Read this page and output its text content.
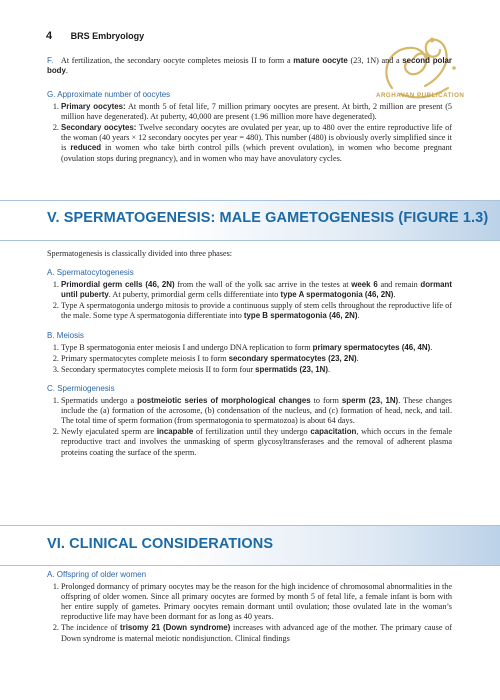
4 BRS Embryology
ARGHAVAN PUBLICATION

F. At fertilization, the secondary oocyte completes meiosis II to form a mature oocyte (23, 1N) and a second polar body.

G. Approximate number of oocytes
1. Primary oocytes: At month 5 of fetal life, 7 million primary oocytes are present. At birth, 2 million are present (5 million have degenerated). At puberty, 40,000 are present (1.96 million more have degenerated).
2. Secondary oocytes: Twelve secondary oocytes are ovulated per year, up to 480 over the entire reproductive life of the woman (40 years × 12 secondary oocytes per year = 480). This number (480) is obviously overly simplified since it is reduced in women who take birth control pills (which prevent ovulation), in women who become pregnant (ovulation stops during pregnancy), and in women who may have anovulatory cycles.
V. SPERMATOGENESIS: MALE GAMETOGENESIS (FIGURE 1.3)

Spermatogenesis is classically divided into three phases:

A. Spermatocytogenesis
1. Primordial germ cells (46, 2N) from the wall of the yolk sac arrive in the testes at week 6 and remain dormant until puberty. At puberty, primordial germ cells differentiate into type A spermatogonia (46, 2N).
2. Type A spermatogonia undergo mitosis to provide a continuous supply of stem cells throughout the reproductive life of the male. Some type A spermatogonia differentiate into type B spermatogonia (46, 2N).
B. Meiosis
1. Type B spermatogonia enter meiosis I and undergo DNA replication to form primary spermatocytes (46, 4N).
2. Primary spermatocytes complete meiosis I to form secondary spermatocytes (23, 2N).
3. Secondary spermatocytes complete meiosis II to form four spermatids (23, 1N).
C. Spermiogenesis
1. Spermatids undergo a postmeiotic series of morphological changes to form sperm (23, 1N). These changes include the (a) formation of the acrosome, (b) condensation of the nucleus, and (c) formation of head, neck, and tail. The total time of sperm formation (from spermatogonia to spermatozoa) is about 64 days.
2. Newly ejaculated sperm are incapable of fertilization until they undergo capacitation, which occurs in the female reproductive tract and involves the unmasking of sperm glycosyltransferases and the removal of adherent plasma proteins coating the surface of the sperm.
VI. CLINICAL CONSIDERATIONS
A. Offspring of older women
1. Prolonged dormancy of primary oocytes may be the reason for the high incidence of chromosomal abnormalities in the offspring of older women. Since all primary oocytes are formed by month 5 of fetal life, a female infant is born with her entire supply of gametes. Primary oocytes remain dormant until ovulation; those ovulated late in the woman’s reproductive life may have been dormant for as long as 40 years.
2. The incidence of trisomy 21 (Down syndrome) increases with advanced age of the mother. The primary cause of Down syndrome is maternal meiotic nondisjunction. Clinical findings
